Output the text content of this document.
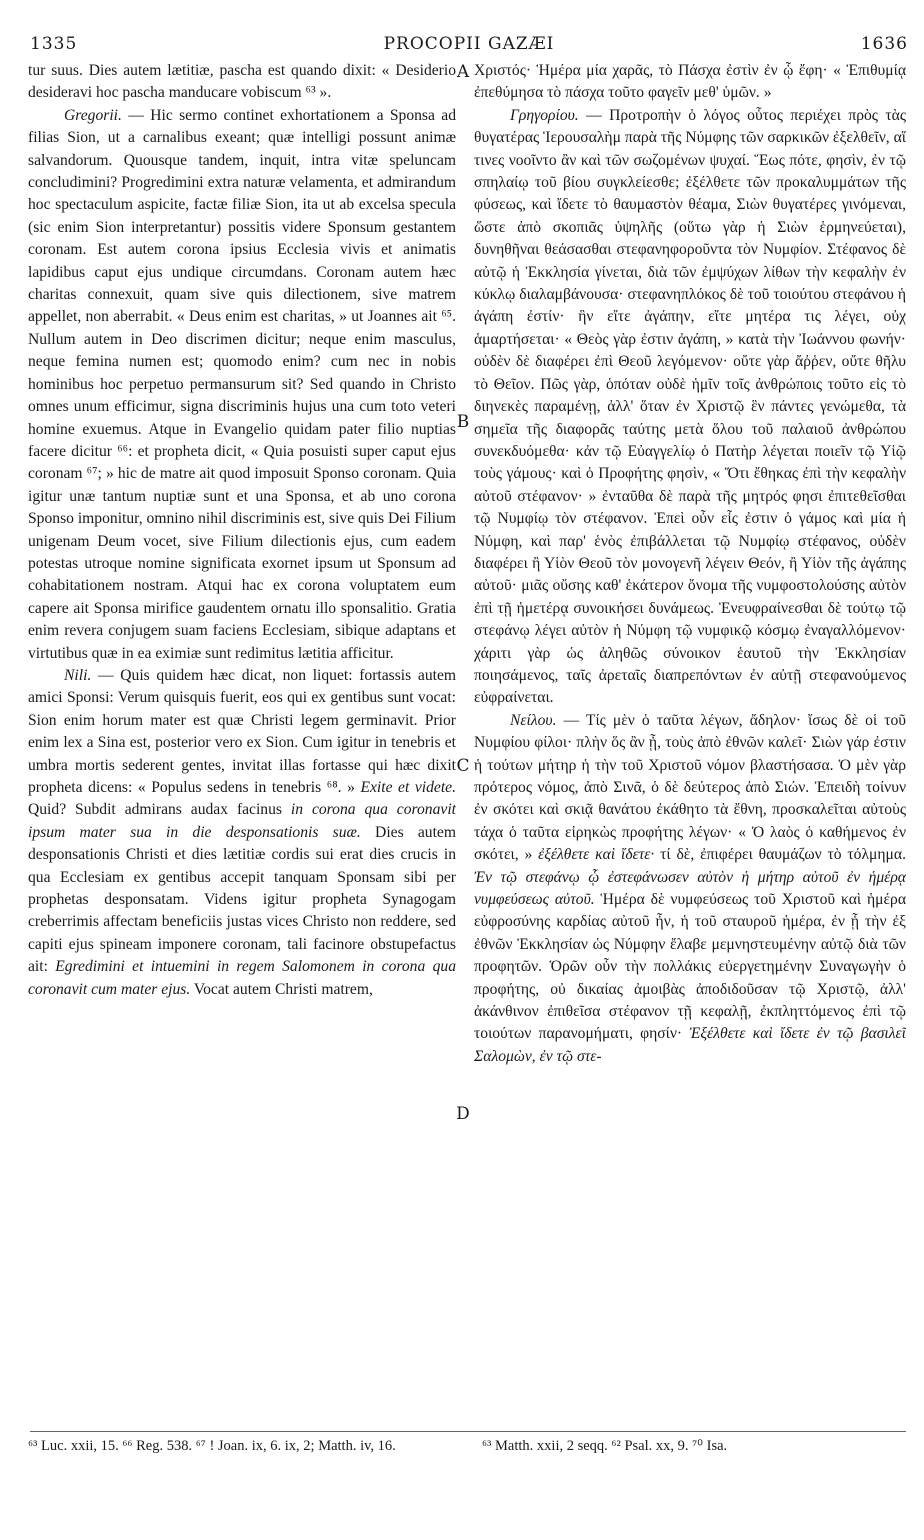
1335	PROCOPII GAZÆI	1636

tur suus. Dies autem lætitiæ, pascha est quando dixit: « Desiderio desideravi hoc pascha manducare vobiscum ⁶³ ».

Gregorii. — Hic sermo continet exhortationem a Sponsa ad filias Sion, ut a carnalibus exeant; quæ intelligi possunt animæ salvandorum. Quousque tandem, inquit, intra vitæ speluncam concludimini? Progredimini extra naturæ velamenta, et admirandum hoc spectaculum aspicite, factæ filiæ Sion, ita ut ab excelsa specula (sic enim Sion interpretantur) possitis videre Sponsum gestantem coronam. Est autem corona ipsius Ecclesia vivis et animatis lapidibus caput ejus undique circumdans. Coronam autem hæc charitas connexuit, quam sive quis dilectionem, sive matrem appellet, non aberrabit. « Deus enim est charitas, » ut Joannes ait ⁶⁵. Nullum autem in Deo discrimen dicitur; neque enim masculus, neque femina numen est; quomodo enim? cum nec in nobis hominibus hoc perpetuo permansurum sit? Sed quando in Christo omnes unum efficimur, signa discriminis hujus una cum toto veteri homine exuemus. Atque in Evangelio quidam pater filio nuptias facere dicitur ⁶⁶: et propheta dicit, « Quia posuisti super caput ejus coronam ⁶⁷; » hic de matre ait quod imposuit Sponso coronam. Quia igitur unæ tantum nuptiæ sunt et una Sponsa, et ab uno corona Sponso imponitur, omnino nihil discriminis est, sive quis Dei Filium unigenam Deum vocet, sive Filium dilectionis ejus, cum eadem potestas utroque nomine significata exornet ipsum ut Sponsum ad cohabitationem nostram. Atqui hac ex corona voluptatem eum capere ait Sponsa mirifice gaudentem ornatu illo sponsalitio. Gratia enim revera conjugem suam faciens Ecclesiam, sibique adaptans et virtutibus quæ in ea eximiæ sunt redimitus lætitia afficitur.

Nili. — Quis quidem hæc dicat, non liquet: fortassis autem amici Sponsi: Verum quisquis fuerit, eos qui ex gentibus sunt vocat: Sion enim horum mater est quæ Christi legem germinavit. Prior enim lex a Sina est, posterior vero ex Sion. Cum igitur in tenebris et umbra mortis sederent gentes, invitat illas fortasse qui hæc dixit propheta dicens: « Populus sedens in tenebris ⁶⁸. » Exite et videte. Quid? Subdit admirans audax facinus in corona qua coronavit ipsum mater sua in die desponsationis suæ. Dies autem desponsationis Christi et dies lætitiæ cordis sui erat dies crucis in qua Ecclesiam ex gentibus accepit tanquam Sponsam sibi per prophetas desponsatam. Videns igitur propheta Synagogam creberrimis affectam beneficiis justas vices Christo non reddere, sed capiti ejus spineam imponere coronam, tali facinore obstupefactus ait: Egredimini et intuemini in regem Salomonem in corona qua coronavit cum mater ejus. Vocat autem Christi matrem,

Χριστός· Ἡμέρα μία χαρᾶς, τὸ Πάσχα ἐστὶν ἐν ᾧ ἔφη· « Ἐπιθυμίᾳ ἐπεθύμησα τὸ πάσχα τοῦτο φαγεῖν μεθ' ὑμῶν. »

Γρηγορίου. — Προτροπὴν ὁ λόγος οὗτος περιέχει πρὸς τὰς θυγατέρας Ἱερουσαλὴμ παρὰ τῆς Νύμφης τῶν σαρκικῶν ἐξελθεῖν, αἵ τινες νοοῖντο ἂν καὶ τῶν σωζομένων ψυχαί. Ἕως πότε, φησὶν, ἐν τῷ σπηλαίῳ τοῦ βίου συγκλείεσθε; ἐξέλθετε τῶν προκαλυμμάτων τῆς φύσεως, καὶ ἴδετε τὸ θαυμαστὸν θέαμα, Σιὼν θυγατέρες γινόμεναι, ὥστε ἀπὸ σκοπιᾶς ὑψηλῆς (οὕτω γὰρ ἡ Σιὼν ἑρμηνεύεται), δυνηθῆναι θεάσασθαι στεφανηφοροῦντα τὸν Νυμφίον. Στέφανος δὲ αὐτῷ ἡ Ἐκκλησία γίνεται, διὰ τῶν ἐμψύχων λίθων τὴν κεφαλὴν ἐν κύκλῳ διαλαμβάνουσα· στεφανηπλόκος δὲ τοῦ τοιούτου στεφάνου ἡ ἀγάπη ἐστίν· ἣν εἴτε ἀγάπην, εἴτε μητέρα τις λέγει, οὐχ ἁμαρτήσεται· « Θεὸς γὰρ ἐστιν ἀγάπη, » κατὰ τὴν Ἰωάννου φωνήν· οὐδὲν δὲ διαφέρει ἐπὶ Θεοῦ λεγόμενον· οὔτε γὰρ ἄῤῥεν, οὔτε θῆλυ τὸ Θεῖον. Πῶς γὰρ, ὁπόταν οὐδὲ ἡμῖν τοῖς ἀνθρώποις τοῦτο εἰς τὸ διηνεκὲς παραμένῃ, ἀλλ' ὅταν ἐν Χριστῷ ἓν πάντες γενώμεθα, τὰ σημεῖα τῆς διαφορᾶς ταύτης μετὰ ὅλου τοῦ παλαιοῦ ἀνθρώπου συνεκδυόμεθα· κἀν τῷ Εὐαγγελίῳ ὁ Πατὴρ λέγεται ποιεῖν τῷ Υἱῷ τοὺς γάμους· καὶ ὁ Προφήτης φησὶν, « Ὅτι ἔθηκας ἐπὶ τὴν κεφαλὴν αὐτοῦ στέφανον· » ἐνταῦθα δὲ παρὰ τῆς μητρός φησι ἐπιτεθεῖσθαι τῷ Νυμφίῳ τὸν στέφανον. Ἐπεὶ οὖν εἷς ἐστιν ὁ γάμος καὶ μία ἡ Νύμφη, καὶ παρ' ἑνὸς ἐπιβάλλεται τῷ Νυμφίῳ στέφανος, οὐδὲν διαφέρει ἢ Υἱὸν Θεοῦ τὸν μονογενῆ λέγειν Θεόν, ἢ Υἱὸν τῆς ἀγάπης αὐτοῦ· μιᾶς οὔσης καθ' ἑκάτερον ὄνομα τῆς νυμφοστολούσης αὐτὸν ἐπὶ τῇ ἡμετέρᾳ συνοικήσει δυνάμεως. Ἐνευφραίνεσθαι δὲ τούτῳ τῷ στεφάνῳ λέγει αὐτὸν ἡ Νύμφη τῷ νυμφικῷ κόσμῳ ἐναγαλλόμενον· χάριτι γὰρ ὡς ἀληθῶς σύνοικον ἑαυτοῦ τὴν Ἐκκλησίαν ποιησάμενος, ταῖς ἀρεταῖς διαπρεπόντων ἐν αὐτῇ στεφανούμενος εὐφραίνεται.

Νείλου. — Τίς μὲν ὁ ταῦτα λέγων, ἄδηλον· ἴσως δὲ οἱ τοῦ Νυμφίου φίλοι· πλὴν ὅς ἂν ᾖ, τοὺς ἀπὸ ἐθνῶν καλεῖ· Σιὼν γάρ ἐστιν ἡ τούτων μήτηρ ἡ τὴν τοῦ Χριστοῦ νόμον βλαστήσασα. Ὁ μὲν γὰρ πρότερος νόμος, ἀπὸ Σινᾶ, ὁ δὲ δεύτερος ἀπὸ Σιών. Ἐπειδὴ τοίνυν ἐν σκότει καὶ σκιᾷ θανάτου ἐκάθητο τὰ ἔθνη, προσκαλεῖται αὐτοὺς τάχα ὁ ταῦτα εἰρηκὼς προφήτης λέγων· « Ὁ λαὸς ὁ καθήμενος ἐν σκότει, » ἐξέλθετε καὶ ἴδετε· τί δὲ, ἐπιφέρει θαυμάζων τὸ τόλμημα. Ἐν τῷ στεφάνῳ ᾧ ἐστεφάνωσεν αὐτὸν ἡ μήτηρ αὐτοῦ ἐν ἡμέρᾳ νυμφεύσεως αὐτοῦ. Ἡμέρα δὲ νυμφεύσεως τοῦ Χριστοῦ καὶ ἡμέρα εὐφροσύνης καρδίας αὐτοῦ ἦν, ἡ τοῦ σταυροῦ ἡμέρα, ἐν ᾗ τὴν ἐξ ἐθνῶν Ἐκκλησίαν ὡς Νύμφην ἔλαβε μεμνηστευμένην αὐτῷ διὰ τῶν προφητῶν. Ὁρῶν οὖν τὴν πολλάκις εὐεργετημένην Συναγωγὴν ὁ προφήτης, οὐ δικαίας ἀμοιβὰς ἀποδιδοῦσαν τῷ Χριστῷ, ἀλλ' ἀκάνθινον ἐπιθεῖσα στέφανον τῇ κεφαλῇ, ἐκπληττόμενος ἐπὶ τῷ τοιούτων παρανομήματι, φησίν· Ἐξέλθετε καὶ ἴδετε ἐν τῷ βασιλεῖ Σαλομὼν, ἐν τῷ στε-

A
B
C
D
⁶³ Luc. xxii, 15. ⁶⁶ Reg. 538. ⁶⁷ ! Joan. ix, 6. ix, 2; Matth. iv, 16.	⁶³ Matth. xxii, 2 seqq. ⁶² Psal. xx, 9. ⁷⁰ Isa.
